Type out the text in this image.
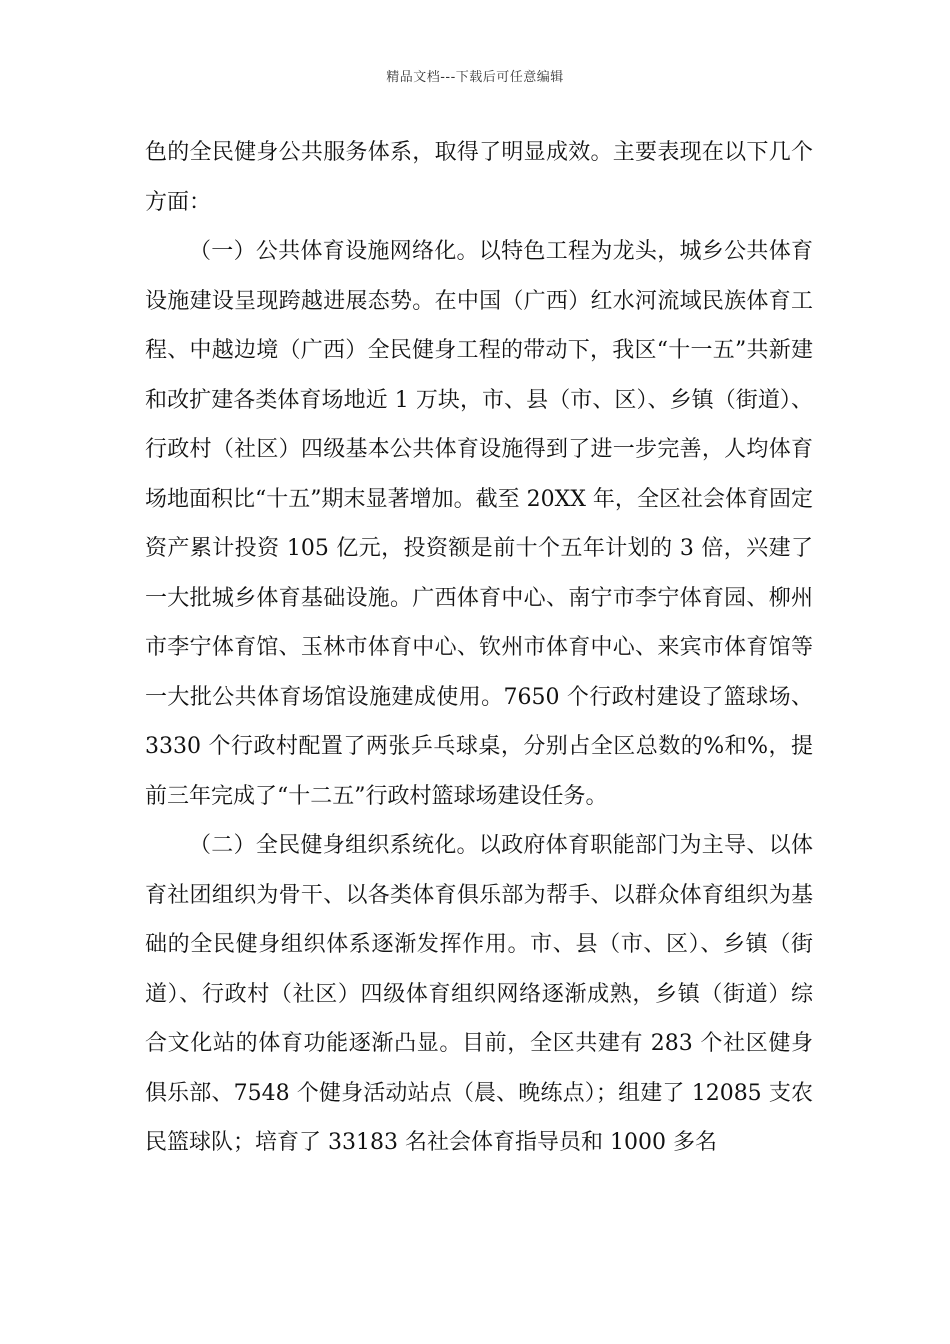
精品文档---下载后可任意编辑

色的全民健身公共服务体系，取得了明显成效。主要表现在以下几个方面：

（一）公共体育设施网络化。以特色工程为龙头，城乡公共体育设施建设呈现跨越进展态势。在中国（广西）红水河流域民族体育工程、中越边境（广西）全民健身工程的带动下，我区“十一五”共新建和改扩建各类体育场地近 1 万块，市、县（市、区）、乡镇（街道）、行政村（社区）四级基本公共体育设施得到了进一步完善，人均体育场地面积比“十五”期末显著增加。截至 20XX 年，全区社会体育固定资产累计投资 105 亿元，投资额是前十个五年计划的 3 倍，兴建了一大批城乡体育基础设施。广西体育中心、南宁市李宁体育园、柳州市李宁体育馆、玉林市体育中心、钦州市体育中心、来宾市体育馆等一大批公共体育场馆设施建成使用。7650 个行政村建设了篮球场、3330 个行政村配置了两张乒乓球桌，分别占全区总数的%和%，提前三年完成了“十二五”行政村篮球场建设任务。

（二）全民健身组织系统化。以政府体育职能部门为主导、以体育社团组织为骨干、以各类体育俱乐部为帮手、以群众体育组织为基础的全民健身组织体系逐渐发挥作用。市、县（市、区）、乡镇（街道）、行政村（社区）四级体育组织网络逐渐成熟，乡镇（街道）综合文化站的体育功能逐渐凸显。目前，全区共建有 283 个社区健身俱乐部、7548 个健身活动站点（晨、晚练点）；组建了 12085 支农民篮球队；培育了 33183 名社会体育指导员和 1000 多名
